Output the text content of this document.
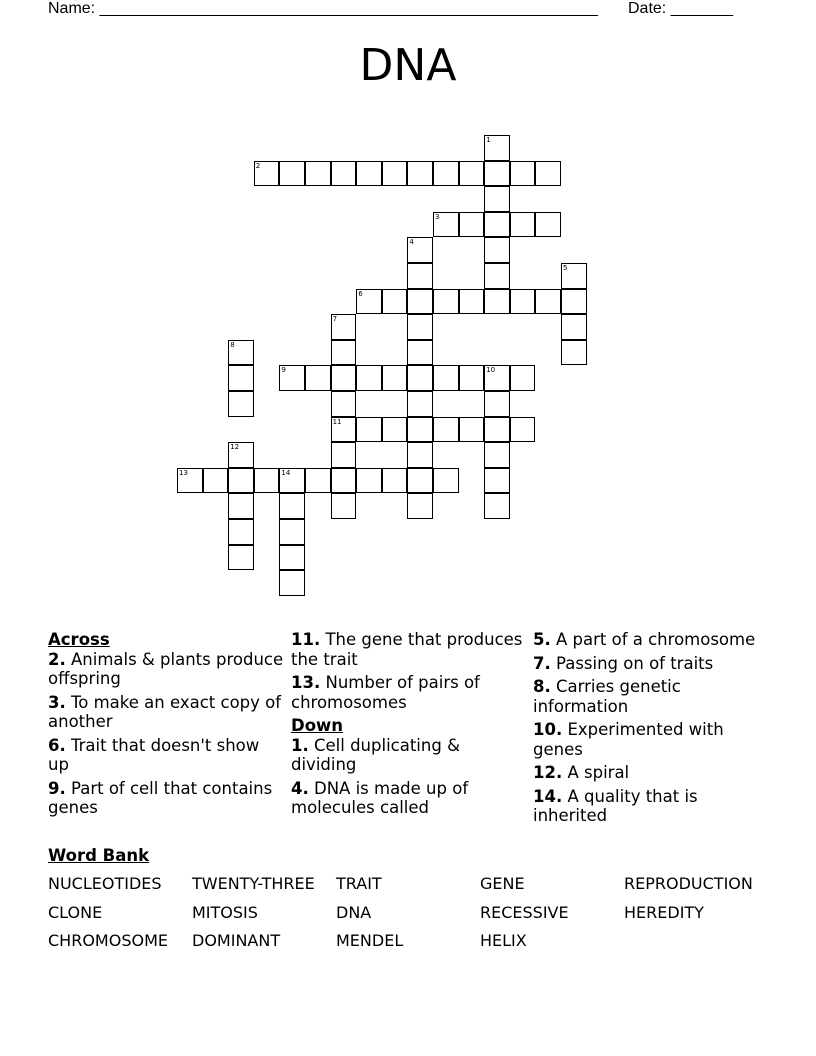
Name: ________________________________________________________ Date: _______
DNA
1
2
3
4
5
6
7
11
8
9	10
12
13	14
Across
2. Animals & plants produce offspring
3. To make an exact copy of another
6. Trait that doesn't show up
9. Part of cell that contains genes
11. The gene that produces the trait
13. Number of pairs of chromosomes
Down
1. Cell duplicating & dividing
4. DNA is made up of molecules called
5. A part of a chromosome
7. Passing on of traits
8. Carries genetic information
10. Experimented with genes
12. A spiral
14. A quality that is inherited
Word Bank
NUCLEOTIDES	TWENTY-THREE	TRAIT	GENE	REPRODUCTION
CLONE	MITOSIS	DNA	RECESSIVE	HEREDITY
CHROMOSOME	DOMINANT	MENDEL	HELIX
